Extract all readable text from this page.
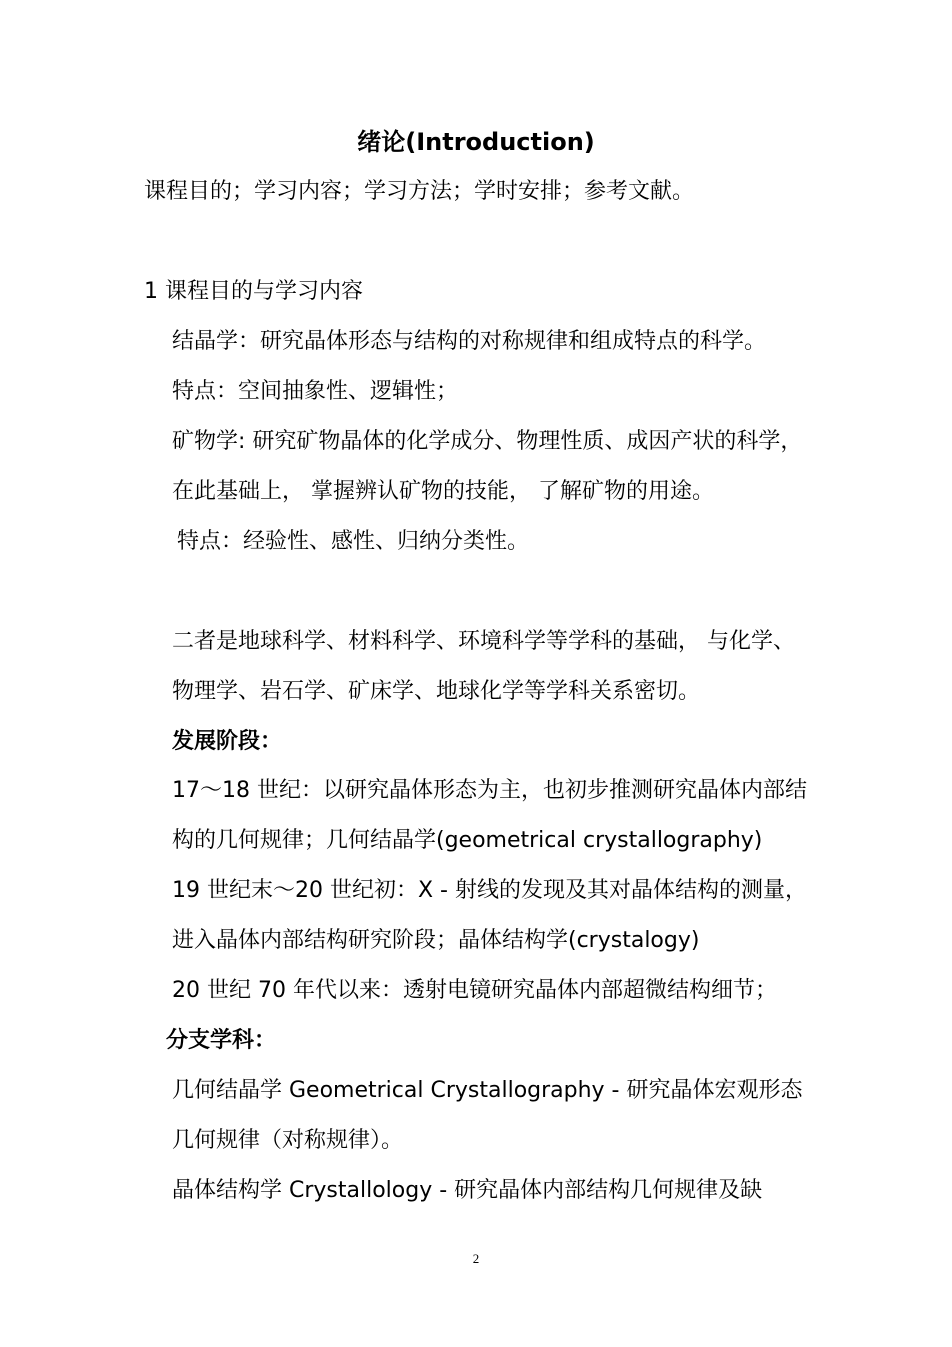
绪论(Introduction)
课程目的；学习内容；学习方法；学时安排；参考文献。
1 课程目的与学习内容
结晶学：研究晶体形态与结构的对称规律和组成特点的科学。
特点：空间抽象性、逻辑性；
矿物学: 研究矿物晶体的化学成分、物理性质、成因产状的科学，
在此基础上， 掌握辨认矿物的技能， 了解矿物的用途。
特点：经验性、感性、归纳分类性。
二者是地球科学、材料科学、环境科学等学科的基础， 与化学、
物理学、岩石学、矿床学、地球化学等学科关系密切。
发展阶段：
17～18 世纪：以研究晶体形态为主，也初步推测研究晶体内部结
构的几何规律；几何结晶学(geometrical crystallography)
19 世纪末～20 世纪初：X - 射线的发现及其对晶体结构的测量，
进入晶体内部结构研究阶段；晶体结构学(crystalogy)
20 世纪 70 年代以来：透射电镜研究晶体内部超微结构细节；
分支学科：
几何结晶学 Geometrical Crystallography - 研究晶体宏观形态
几何规律（对称规律）。
晶体结构学 Crystallology - 研究晶体内部结构几何规律及缺
2
